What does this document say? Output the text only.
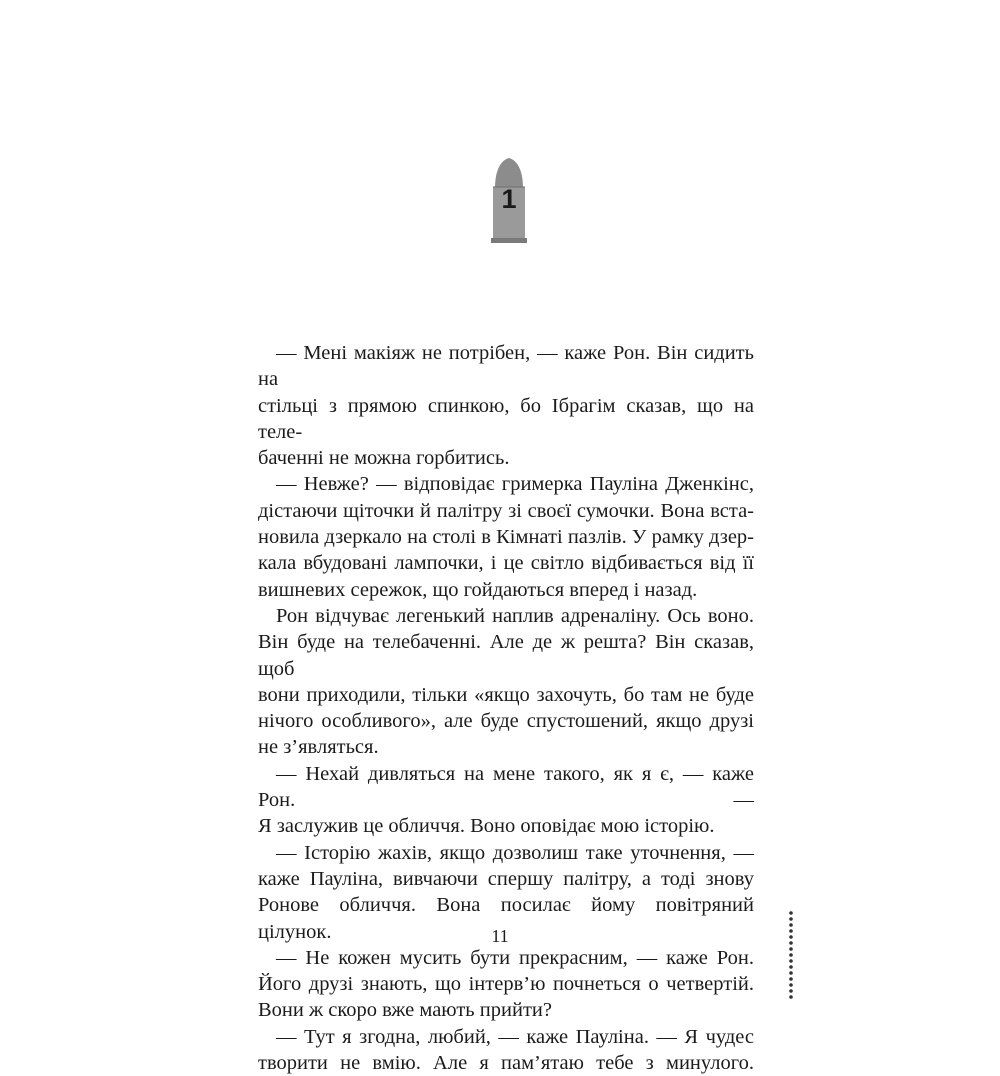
1

— Мені макіяж не потрібен, — каже Рон. Він сидить на

стільці з прямою спинкою, бо Ібрагім сказав, що на теле-

баченні не можна горбитись.

— Невже? — відповідає гримерка Пауліна Дженкінс,

дістаючи щіточки й палітру зі своєї сумочки. Вона вста-

новила дзеркало на столі в Кімнаті пазлів. У рамку дзер-

кала вбудовані лампочки, і це світло відбивається від її

вишневих сережок, що гойдаються вперед і назад.

Рон відчуває легенький наплив адреналіну. Ось воно.

Він буде на телебаченні. Але де ж решта? Він сказав, щоб

вони приходили, тільки «якщо захочуть, бо там не буде

нічого особливого», але буде спустошений, якщо друзі

не з’являться.

— Нехай дивляться на мене такого, як я є, — каже Рон. —

Я заслужив це обличчя. Воно оповідає мою історію.

— Історію жахів, якщо дозволиш таке уточнення, —

каже Пауліна, вивчаючи спершу палітру, а тоді знову

Ронове обличчя. Вона посилає йому повітряний цілунок.

— Не кожен мусить бути прекрасним, — каже Рон.

Його друзі знають, що інтерв’ю почнеться о четвертій.

Вони ж скоро вже мають прийти?

— Тут я згодна, любий, — каже Пауліна. — Я чудес

творити не вмію. Але я пам’ятаю тебе з минулого.

11
